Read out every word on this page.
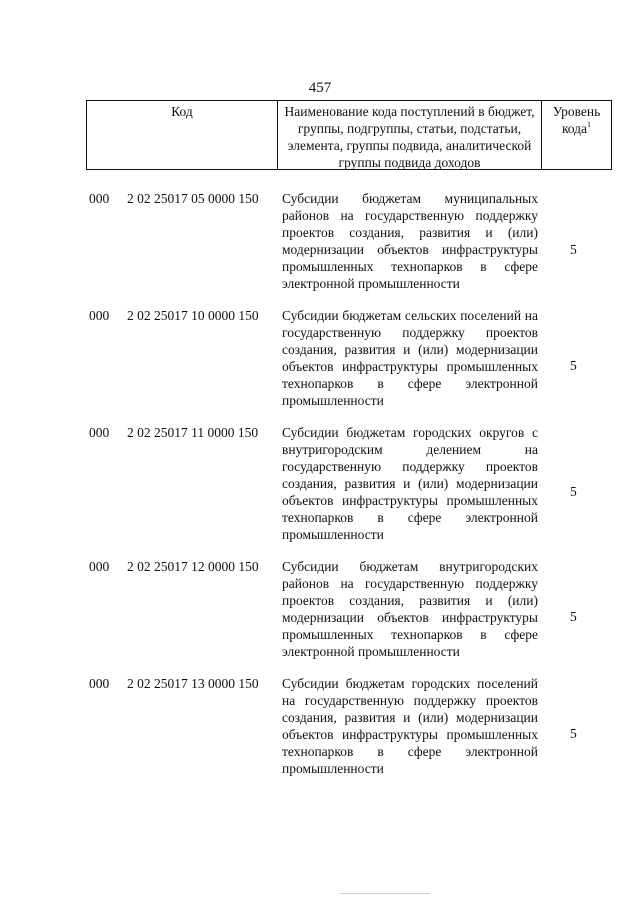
457
Код	Наименование кода поступлений в бюджет, группы, подгруппы, статьи, подстатьи, элемента, группы подвида, аналитической группы подвида доходов
Уровень кода$^1$
000 2 02 25017 05 0000 150 Субсидии бюджетам муниципальных районов на государственную поддержку проектов создания, развития и (или) модернизации объектов инфраструктуры промышленных технопарков в сфере электронной промышленности
5
000 2 02 25017 10 0000 150 Субсидии бюджетам сельских поселений на государственную поддержку проектов создания, развития и (или) модернизации объектов инфраструктуры промышленных технопарков в сфере электронной промышленности
5
000 2 02 25017 11 0000 150 Субсидии бюджетам городских округов с внутригородским делением на государственную поддержку проектов создания, развития и (или) модернизации объектов инфраструктуры промышленных технопарков в сфере электронной промышленности
5
000 2 02 25017 12 0000 150 Субсидии бюджетам внутригородских районов на государственную поддержку проектов создания, развития и (или) модернизации объектов инфраструктуры промышленных технопарков в сфере электронной промышленности
5
000 2 02 25017 13 0000 150 Субсидии бюджетам городских поселений на государственную поддержку проектов создания, развития и (или) модернизации объектов инфраструктуры промышленных технопарков в сфере электронной промышленности
5
